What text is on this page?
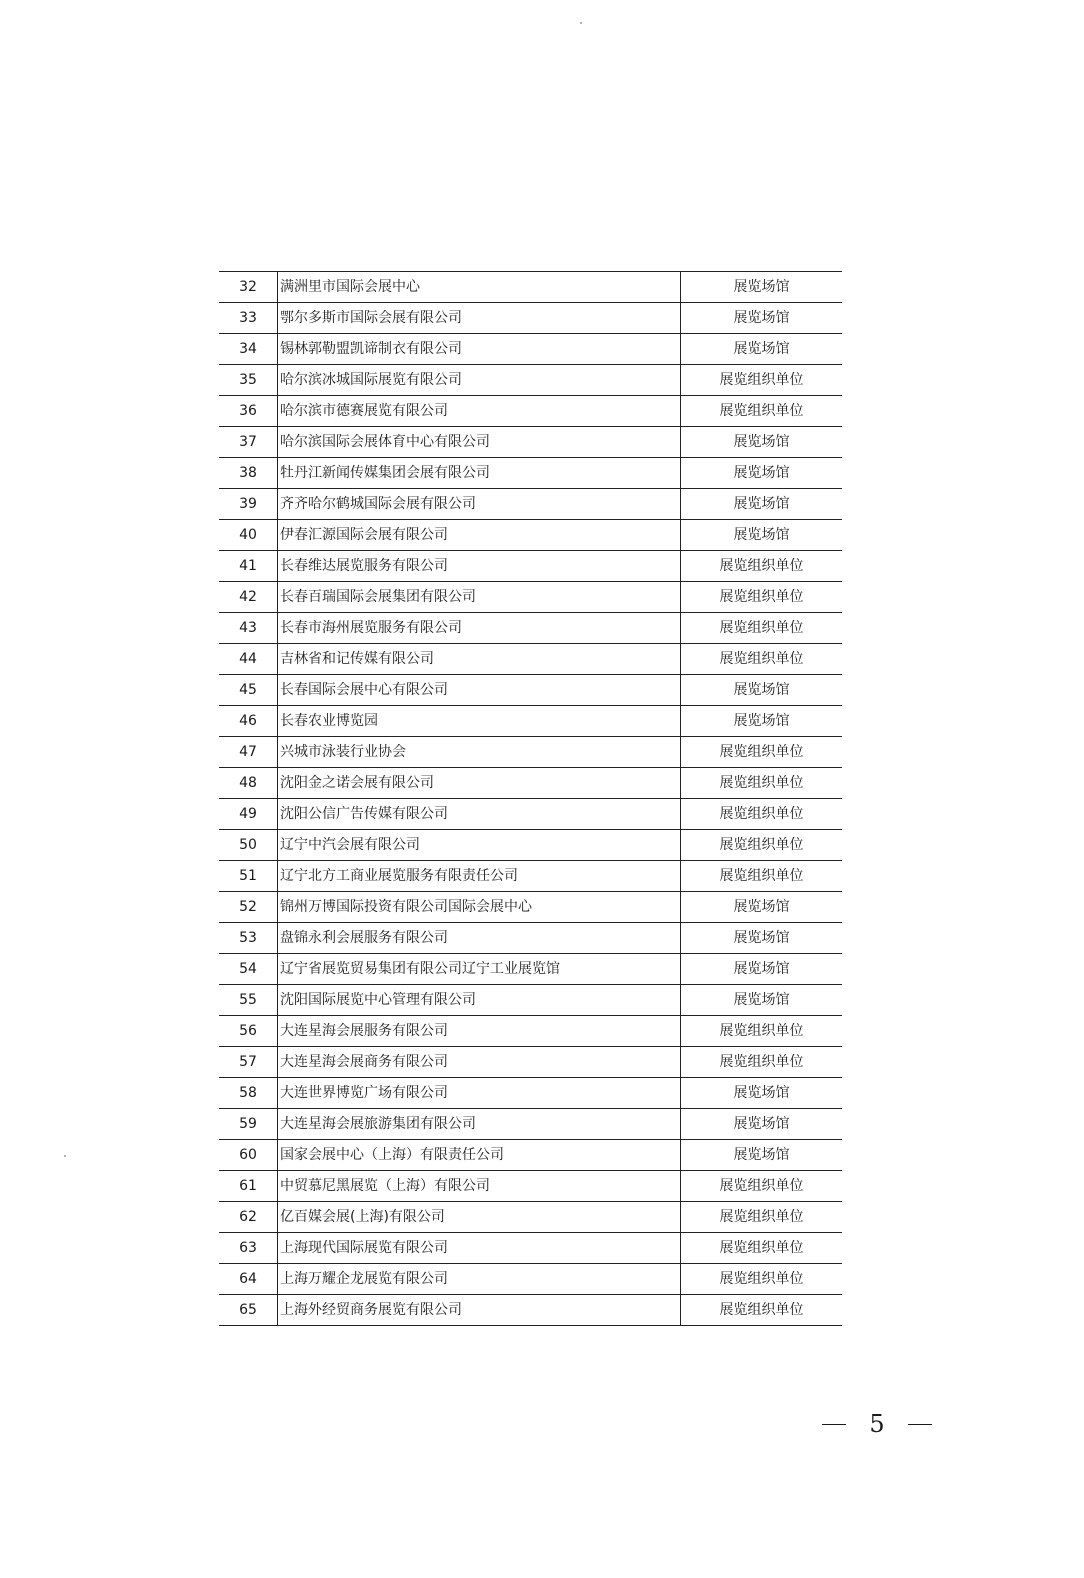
32	满洲里市国际会展中心	展览场馆
33	鄂尔多斯市国际会展有限公司	展览场馆
34	锡林郭勒盟凯谛制衣有限公司	展览场馆
35	哈尔滨冰城国际展览有限公司	展览组织单位
36	哈尔滨市德赛展览有限公司	展览组织单位
37	哈尔滨国际会展体育中心有限公司	展览场馆
38	牡丹江新闻传媒集团会展有限公司	展览场馆
39	齐齐哈尔鹤城国际会展有限公司	展览场馆
40	伊春汇源国际会展有限公司	展览场馆
41	长春维达展览服务有限公司	展览组织单位
42	长春百瑞国际会展集团有限公司	展览组织单位
43	长春市海州展览服务有限公司	展览组织单位
44	吉林省和记传媒有限公司	展览组织单位
45	长春国际会展中心有限公司	展览场馆
46	长春农业博览园	展览场馆
47	兴城市泳装行业协会	展览组织单位
48	沈阳金之诺会展有限公司	展览组织单位
49	沈阳公信广告传媒有限公司	展览组织单位
50	辽宁中汽会展有限公司	展览组织单位
51	辽宁北方工商业展览服务有限责任公司	展览组织单位
52	锦州万博国际投资有限公司国际会展中心	展览场馆
53	盘锦永利会展服务有限公司	展览场馆
54	辽宁省展览贸易集团有限公司辽宁工业展览馆	展览场馆
55	沈阳国际展览中心管理有限公司	展览场馆
56	大连星海会展服务有限公司	展览组织单位
57	大连星海会展商务有限公司	展览组织单位
58	大连世界博览广场有限公司	展览场馆
59	大连星海会展旅游集团有限公司	展览场馆
60	国家会展中心（上海）有限责任公司	展览场馆
61	中贸慕尼黑展览（上海）有限公司	展览组织单位
62	亿百媒会展(上海)有限公司	展览组织单位
63	上海现代国际展览有限公司	展览组织单位
64	上海万耀企龙展览有限公司	展览组织单位
65	上海外经贸商务展览有限公司	展览组织单位
5
